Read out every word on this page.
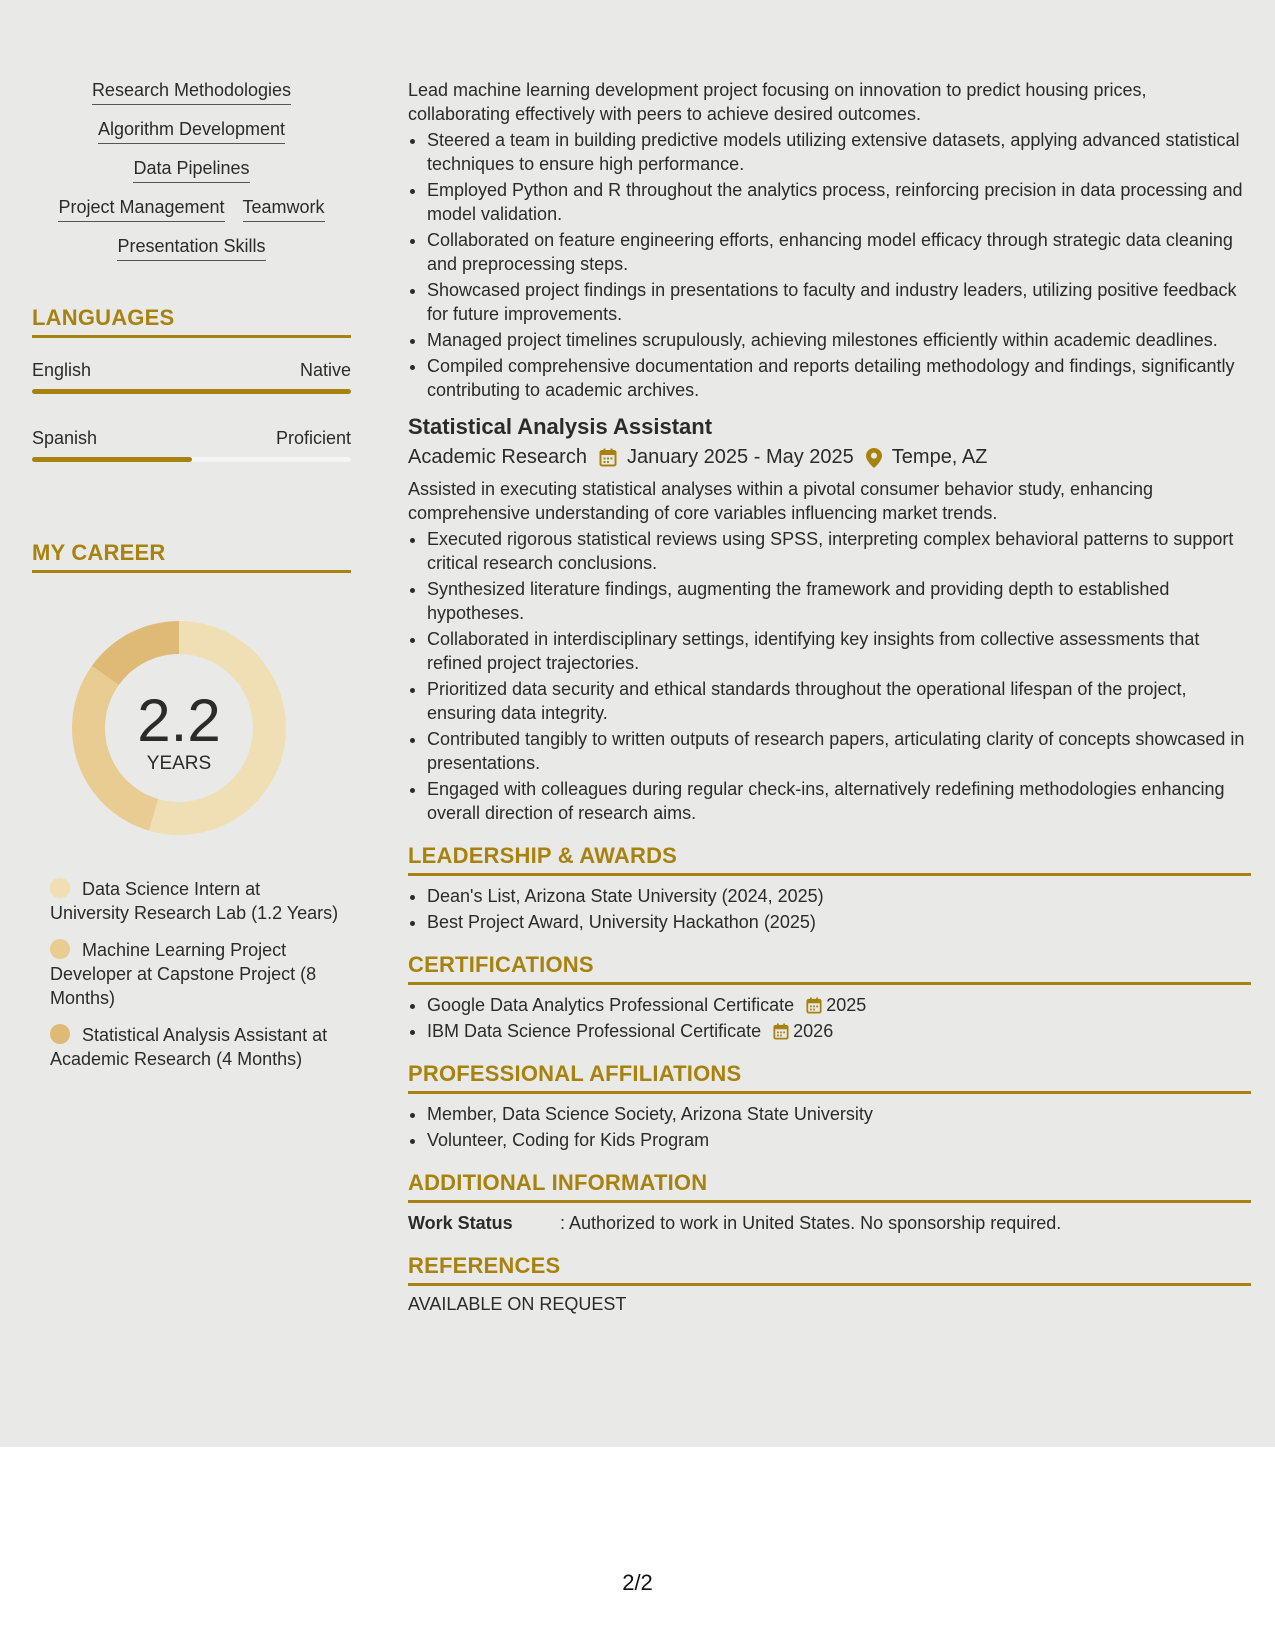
Research Methodologies
Algorithm Development
Data Pipelines
Project Management Teamwork
Presentation Skills
LANGUAGES
English	Native
Spanish	Proficient
MY CAREER
2.2
YEARS
Data Science Intern at University Research Lab (1.2 Years)
Machine Learning Project Developer at Capstone Project (8 Months)
Statistical Analysis Assistant at Academic Research (4 Months)

Lead machine learning development project focusing on innovation to predict housing prices, collaborating effectively with peers to achieve desired outcomes.

• Steered a team in building predictive models utilizing extensive datasets, applying advanced statistical techniques to ensure high performance.
• Employed Python and R throughout the analytics process, reinforcing precision in data processing and model validation.
• Collaborated on feature engineering efforts, enhancing model efficacy through strategic data cleaning and preprocessing steps.
• Showcased project findings in presentations to faculty and industry leaders, utilizing positive feedback for future improvements.
• Managed project timelines scrupulously, achieving milestones efficiently within academic deadlines.
• Compiled comprehensive documentation and reports detailing methodology and findings, significantly contributing to academic archives.
Statistical Analysis Assistant
Academic Research January 2025 - May 2025 Tempe, AZ

Assisted in executing statistical analyses within a pivotal consumer behavior study, enhancing comprehensive understanding of core variables influencing market trends.

• Executed rigorous statistical reviews using SPSS, interpreting complex behavioral patterns to support critical research conclusions.
• Synthesized literature findings, augmenting the framework and providing depth to established hypotheses.
• Collaborated in interdisciplinary settings, identifying key insights from collective assessments that refined project trajectories.
• Prioritized data security and ethical standards throughout the operational lifespan of the project, ensuring data integrity.
• Contributed tangibly to written outputs of research papers, articulating clarity of concepts showcased in presentations.
• Engaged with colleagues during regular check-ins, alternatively redefining methodologies enhancing overall direction of research aims.
LEADERSHIP & AWARDS
• Dean's List, Arizona State University (2024, 2025)
• Best Project Award, University Hackathon (2025)
CERTIFICATIONS
• Google Data Analytics Professional Certificate 2025
• IBM Data Science Professional Certificate 2026
PROFESSIONAL AFFILIATIONS
• Member, Data Science Society, Arizona State University
• Volunteer, Coding for Kids Program
ADDITIONAL INFORMATION
Work Status	: Authorized to work in United States. No sponsorship required.
REFERENCES
AVAILABLE ON REQUEST
2/2
